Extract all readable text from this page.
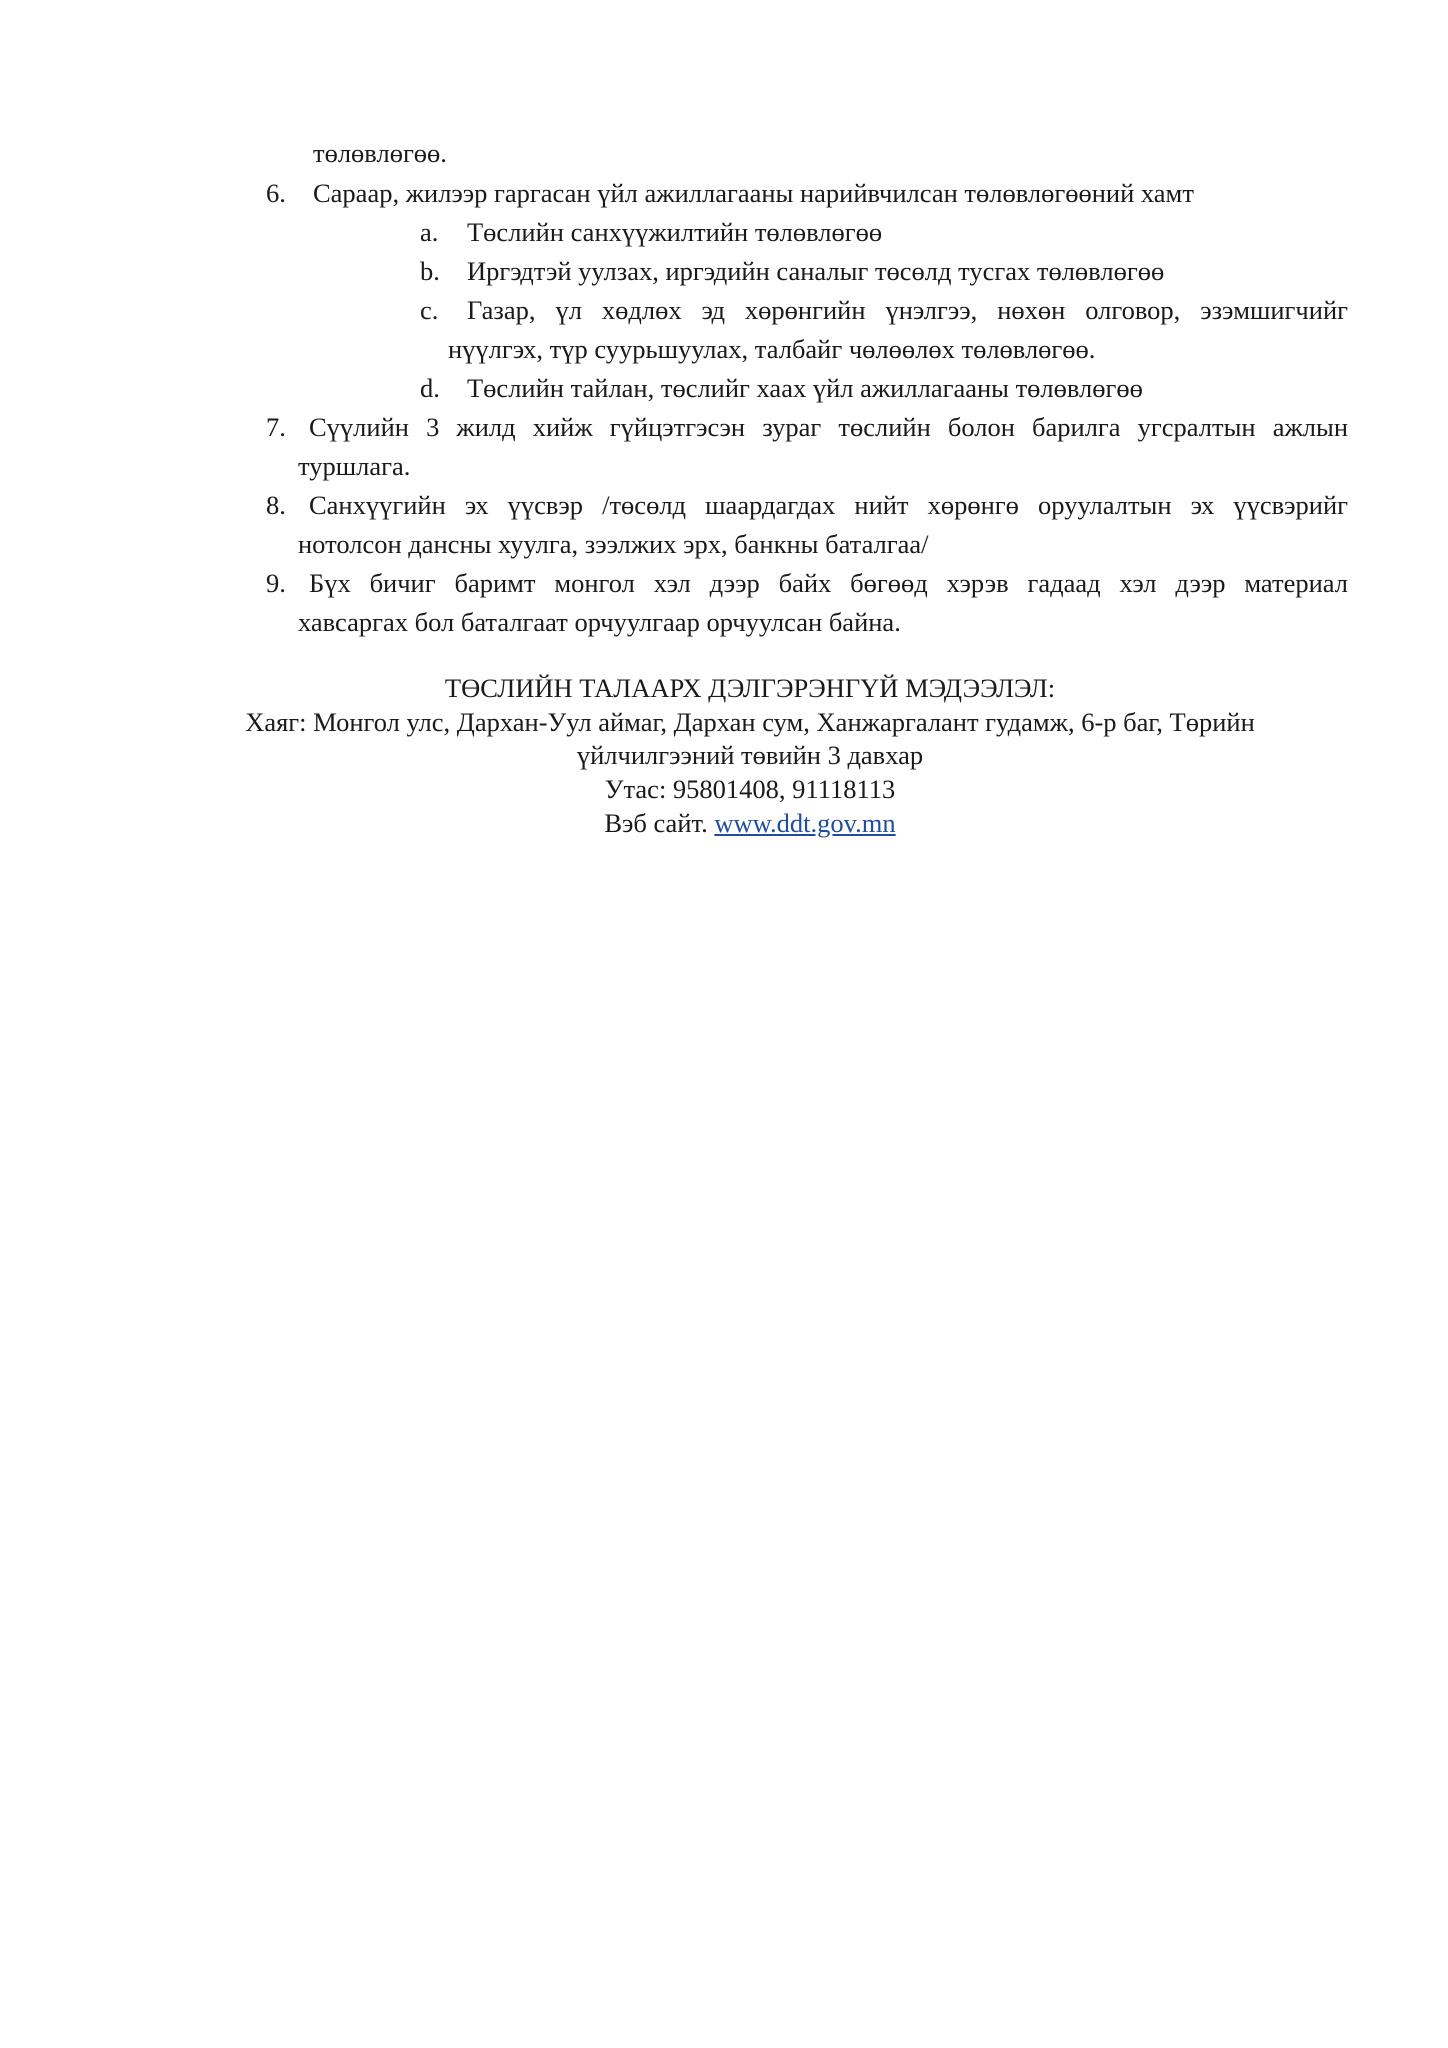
төлөвлөгөө.
6. Сараар, жилээр гаргасан үйл ажиллагааны нарийвчилсан төлөвлөгөөний хамт
a. Төслийн санхүүжилтийн төлөвлөгөө
b. Иргэдтэй уулзах, иргэдийн саналыг төсөлд тусгах төлөвлөгөө
c. Газар, үл хөдлөх эд хөрөнгийн үнэлгээ, нөхөн олговор, эзэмшигчийг
нүүлгэх, түр суурьшуулах, талбайг чөлөөлөх төлөвлөгөө.
d. Төслийн тайлан, төслийг хаах үйл ажиллагааны төлөвлөгөө
7. Сүүлийн 3 жилд хийж гүйцэтгэсэн зураг төслийн болон барилга угсралтын ажлын
туршлага.
8. Санхүүгийн эх үүсвэр /төсөлд шаардагдах нийт хөрөнгө оруулалтын эх үүсвэрийг
нотолсон дансны хуулга, зээлжих эрх, банкны баталгаа/
9. Бүх бичиг баримт монгол хэл дээр байх бөгөөд хэрэв гадаад хэл дээр материал
хавсаргах бол баталгаат орчуулгаар орчуулсан байна.
ТӨСЛИЙН ТАЛААРХ ДЭЛГЭРЭНГҮЙ МЭДЭЭЛЭЛ:
Хаяг: Монгол улс, Дархан-Уул аймаг, Дархан сум, Ханжаргалант гудамж, 6-р баг, Төрийн
үйлчилгээний төвийн 3 давхар
Утас: 95801408, 91118113
Вэб сайт. www.ddt.gov.mn
